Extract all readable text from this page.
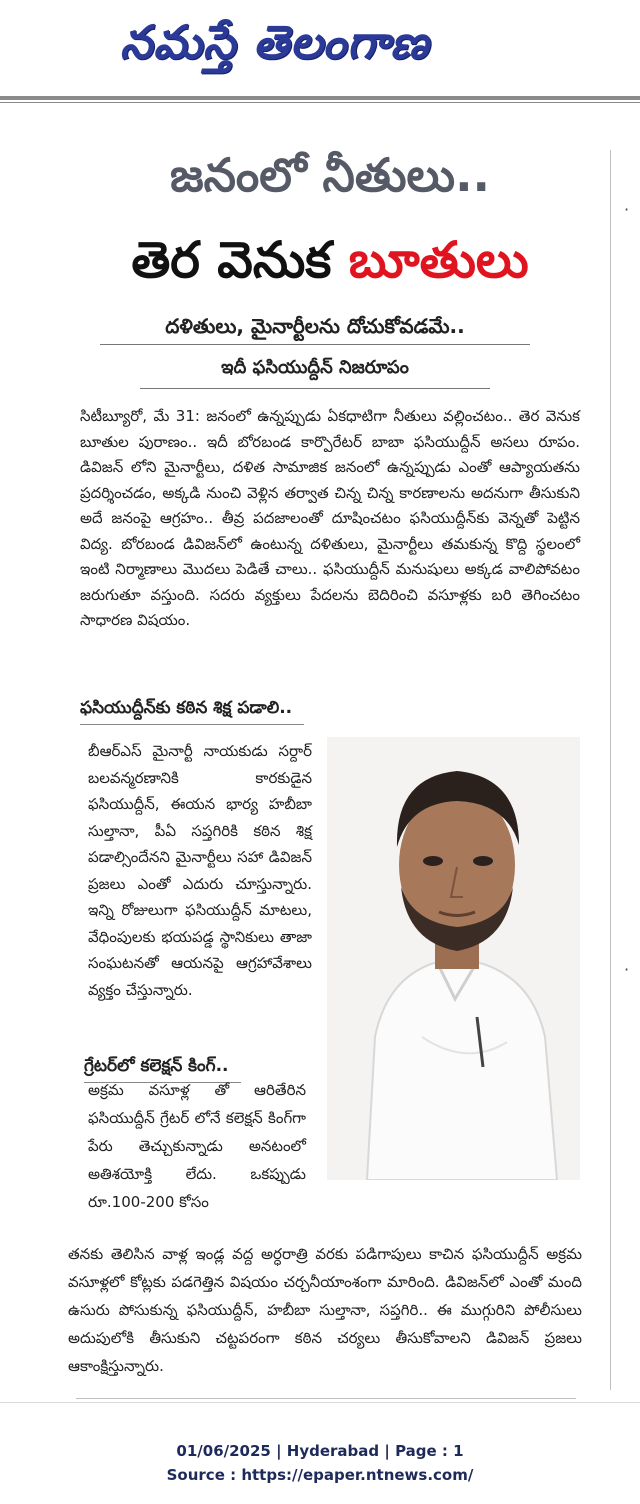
నమస్తే తెలంగాణ
·
·
జనంలో నీతులు..
తెర వెనుక బూతులు
దళితులు, మైనార్టీలను దోచుకోవడమే..
ఇదీ ఫసియుద్దీన్ నిజరూపం

సిటీబ్యూరో, మే 31: జనంలో ఉన్నప్పుడు ఏకధాటిగా నీతులు వల్లించటం.. తెర వెనుక బూతుల పురాణం.. ఇదీ బోరబండ కార్పొరేటర్ బాబా ఫసియుద్దీన్ అసలు రూపం. డివిజన్ లోని మైనార్టీలు, దళిత సామాజిక జనంలో ఉన్నప్పుడు ఎంతో ఆప్యాయతను ప్రదర్శించడం, అక్కడి నుంచి వెళ్లిన తర్వాత చిన్న చిన్న కారణాలను అదనుగా తీసుకుని అదే జనంపై ఆగ్రహం.. తీవ్ర పదజాలంతో దూషించటం ఫసియుద్దీన్‌కు వెన్నతో పెట్టిన విద్య. బోరబండ డివిజన్‌లో ఉంటున్న దళితులు, మైనార్టీలు తమకున్న కొద్ది స్థలంలో ఇంటి నిర్మాణాలు మొదలు పెడితే చాలు.. ఫసియుద్దీన్ మనుషులు అక్కడ వాలిపోవటం జరుగుతూ వస్తుంది. సదరు వ్యక్తులు పేదలను బెదిరించి వసూళ్లకు బరి తెగించటం సాధారణ విషయం.

ఫసియుద్దీన్‌కు కఠిన శిక్ష పడాలి..

బీఆర్‌ఎస్ మైనార్టీ నాయకుడు సర్దార్ బలవన్మరణానికి కారకుడైన ఫసియుద్దీన్, ఈయన భార్య హబీబా సుల్తానా, పీఏ సప్తగిరికి కఠిన శిక్ష పడాల్సిందేనని మైనార్టీలు సహా డివిజన్ ప్రజలు ఎంతో ఎదురు చూస్తున్నారు. ఇన్ని రోజులుగా ఫసియుద్దీన్ మాటలు, వేధింపులకు భయపడ్డ స్థానికులు తాజా సంఘటనతో ఆయనపై ఆగ్రహావేశాలు వ్యక్తం చేస్తున్నారు.

గ్రేటర్‌లో కలెక్షన్ కింగ్..

అక్రమ వసూళ్ల తో ఆరితేరిన ఫసియుద్దీన్ గ్రేటర్ లోనే కలెక్షన్ కింగ్‌గా పేరు తెచ్చుకున్నాడు అనటంలో అతిశయోక్తి లేదు. ఒకప్పుడు రూ.100-200 కోసం

తనకు తెలిసిన వాళ్ల ఇండ్ల వద్ద అర్ధరాత్రి వరకు పడిగాపులు కాచిన ఫసియుద్దీన్ అక్రమ వసూళ్లలో కోట్లకు పడగెత్తిన విషయం చర్చనీయాంశంగా మారింది. డివిజన్‌లో ఎంతో మంది ఉసురు పోసుకున్న ఫసియుద్దీన్, హబీబా సుల్తానా, సప్తగిరి.. ఈ ముగ్గురిని పోలీసులు అదుపులోకి తీసుకుని చట్టపరంగా కఠిన చర్యలు తీసుకోవాలని డివిజన్ ప్రజలు ఆకాంక్షిస్తున్నారు.

01/06/2025 | Hyderabad | Page : 1
Source : https://epaper.ntnews.com/
